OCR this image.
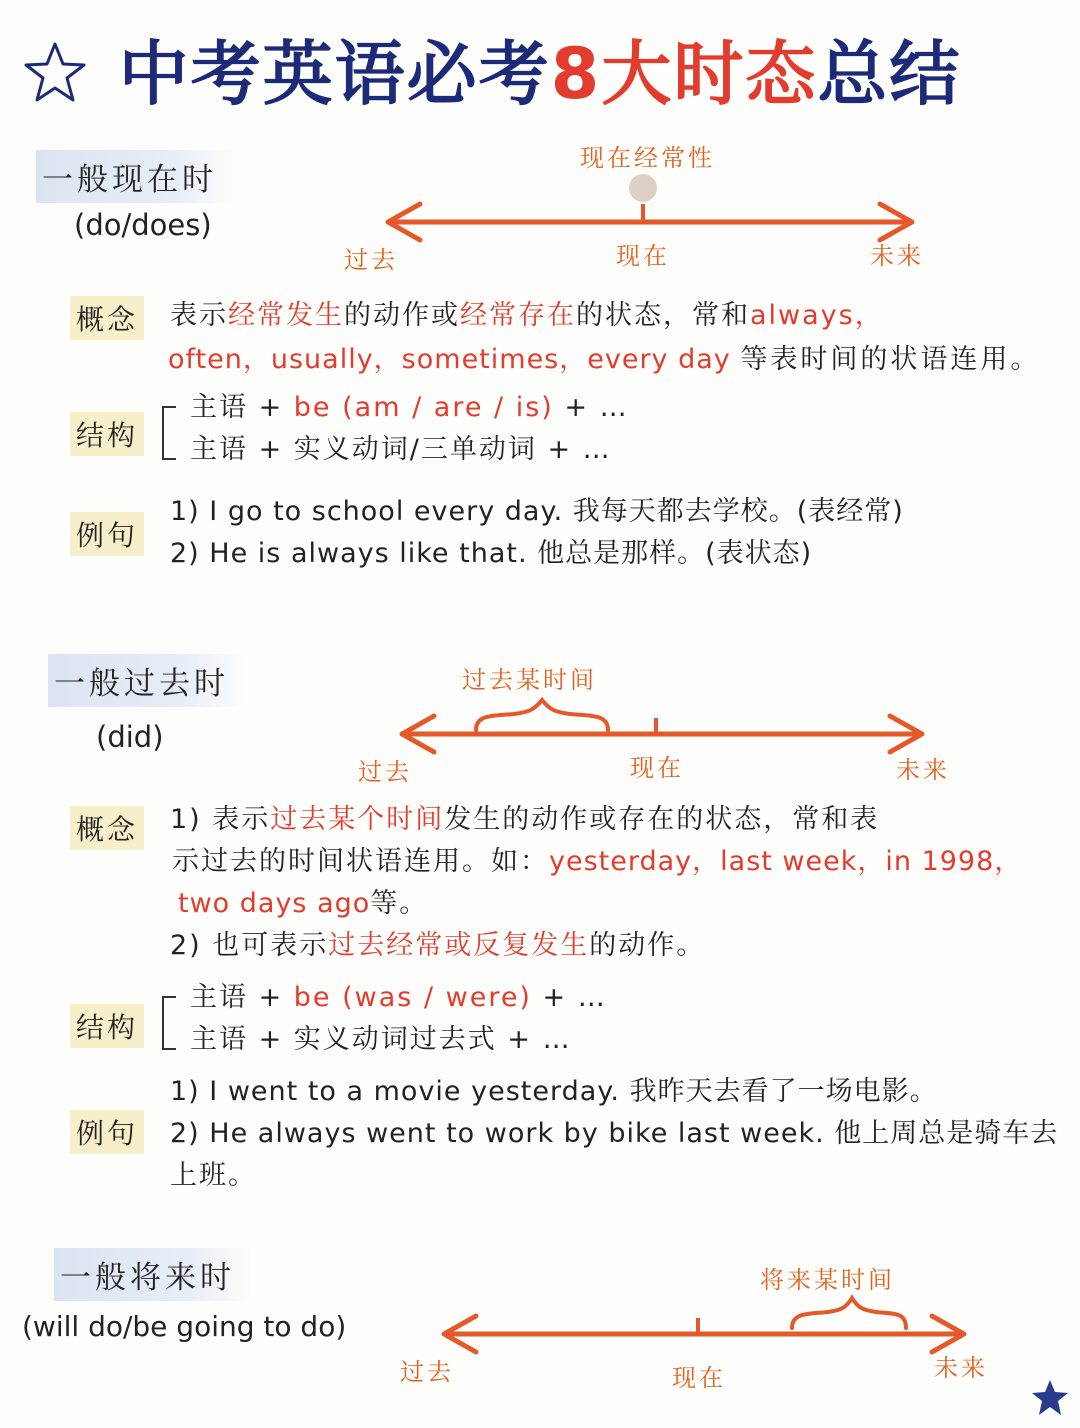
中考英语必考8大时态总结
一般现在时
(do/does)
现在经常性
过去	现在	未来
概念 表示经常发生的动作或经常存在的状态，常和always，
often，usually，sometimes，every day 等表时间的状语连用。
结构
主语 + be (am / are / is) + …
主语 + 实义动词/三单动词 + …
例句
1) I go to school every day. 我每天都去学校。(表经常)
2) He is always like that. 他总是那样。(表状态)
一般过去时
(did)
过去某时间
过去	现在	未来
概念 1) 表示过去某个时间发生的动作或存在的状态，常和表
示过去的时间状语连用。如：yesterday，last week，in 1998，
two days ago等。
2) 也可表示过去经常或反复发生的动作。
结构
主语 + be (was / were) + …
主语 + 实义动词过去式 + …
例句
1) I went to a movie yesterday. 我昨天去看了一场电影。
2) He always went to work by bike last week. 他上周总是骑车去
上班。
一般将来时
(will do/be going to do)
将来某时间
过去	现在	未来
